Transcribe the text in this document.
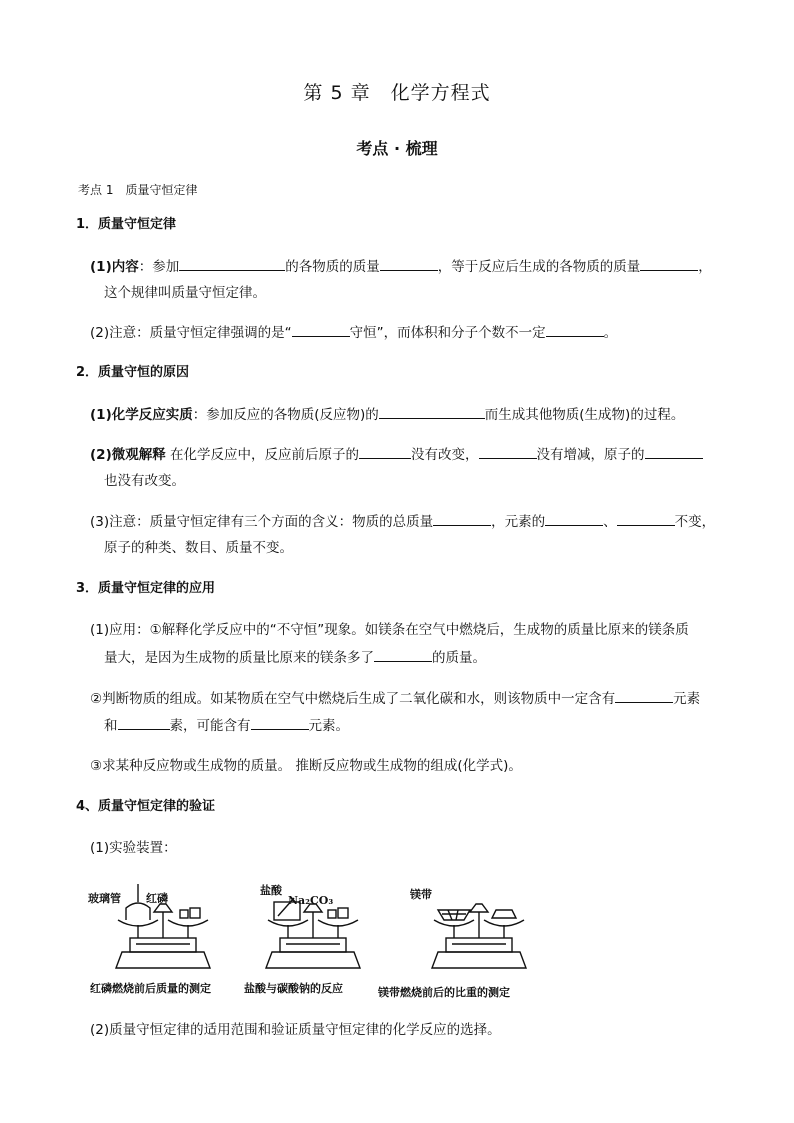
第 5 章　化学方程式
考点 · 梳理
考点 1　质量守恒定律
1．质量守恒定律
(1)内容：参加	的各物质的质量	，等于反应后生成的各物质的质量	，
这个规律叫质量守恒定律。
(2)注意：质量守恒定律强调的是“	守恒”，而体积和分子个数不一定	。
2．质量守恒的原因
(1)化学反应实质：参加反应的各物质(反应物)的	而生成其他物质(生成物)的过程。
(2)微观解释 在化学反应中，反应前后原子的	没有改变，	没有增减，原子的
也没有改变。
(3)注意：质量守恒定律有三个方面的含义：物质的总质量	，元素的	、	不变，
原子的种类、数目、质量不变。
3．质量守恒定律的应用
(1)应用：①解释化学反应中的“不守恒”现象。如镁条在空气中燃烧后，生成物的质量比原来的镁条质
量大，是因为生成物的质量比原来的镁条多了	的质量。
②判断物质的组成。如某物质在空气中燃烧后生成了二氧化碳和水，则该物质中一定含有	元素
和	素，可能含有	元素。
③求某种反应物或生成物的质量。 推断反应物或生成物的组成(化学式)。
4、质量守恒定律的验证
(1)实验装置：
玻璃管 红磷
盐酸
Na₂CO₃	镁带
红磷燃烧前后质量的测定	盐酸与碳酸钠的反应	镁带燃烧前后的比重的测定
(2)质量守恒定律的适用范围和验证质量守恒定律的化学反应的选择。
